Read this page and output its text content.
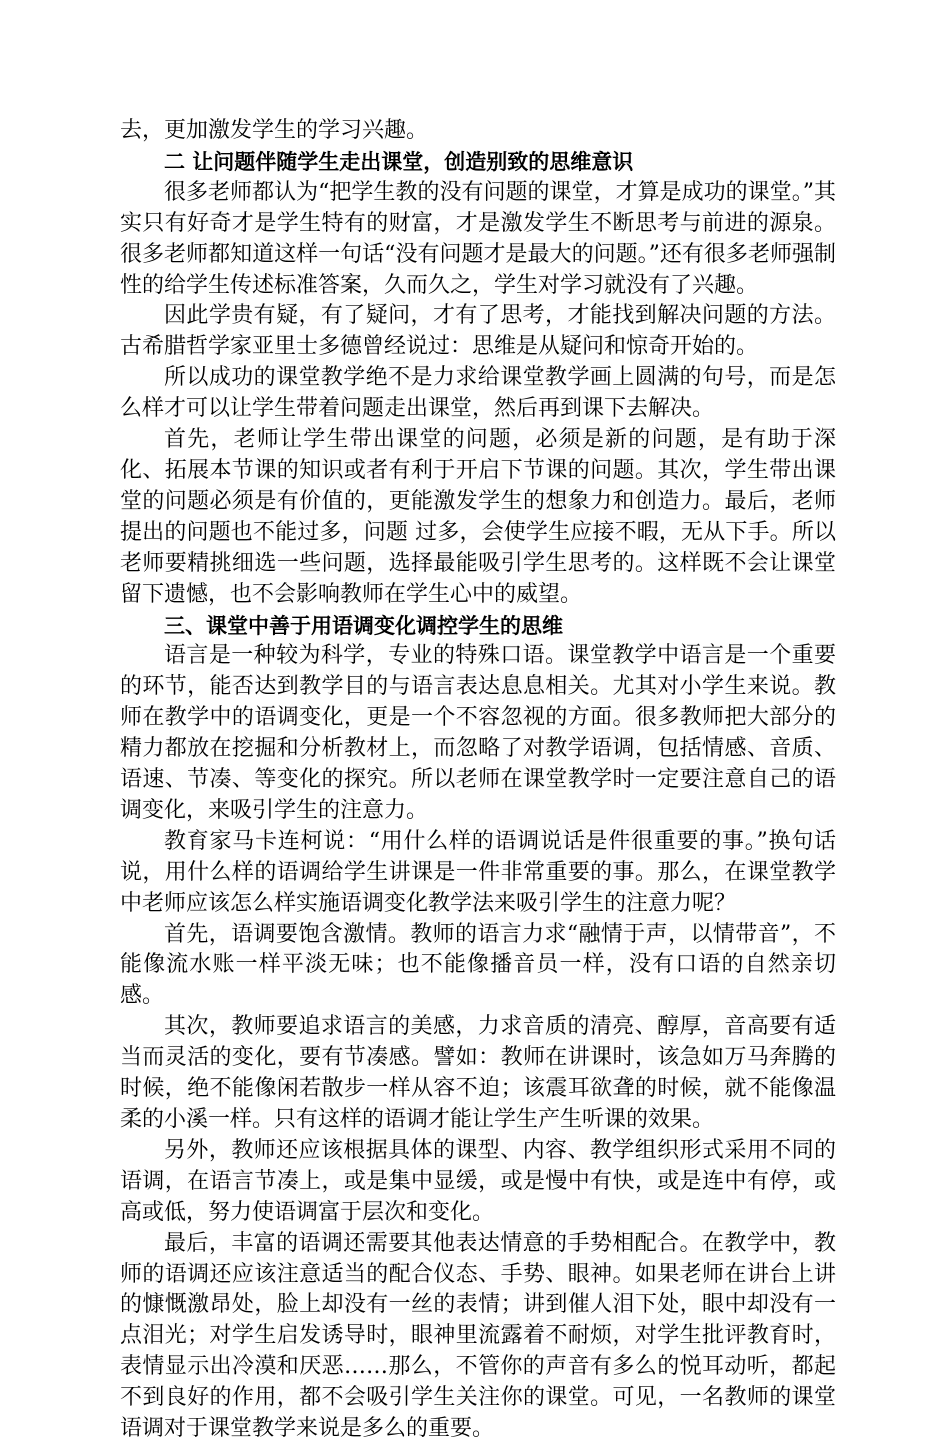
去，更加激发学生的学习兴趣。

二 让问题伴随学生走出课堂，创造别致的思维意识

很多老师都认为“把学生教的没有问题的课堂，才算是成功的课堂。”其实只有好奇才是学生特有的财富，才是激发学生不断思考与前进的源泉。很多老师都知道这样一句话“没有问题才是最大的问题。”还有很多老师强制性的给学生传述标准答案，久而久之，学生对学习就没有了兴趣。

因此学贵有疑，有了疑问，才有了思考，才能找到解决问题的方法。古希腊哲学家亚里士多德曾经说过：思维是从疑问和惊奇开始的。

所以成功的课堂教学绝不是力求给课堂教学画上圆满的句号，而是怎么样才可以让学生带着问题走出课堂，然后再到课下去解决。

首先，老师让学生带出课堂的问题，必须是新的问题，是有助于深化、拓展本节课的知识或者有利于开启下节课的问题。其次，学生带出课堂的问题必须是有价值的，更能激发学生的想象力和创造力。最后，老师提出的问题也不能过多，问题 过多，会使学生应接不暇，无从下手。所以老师要精挑细选一些问题，选择最能吸引学生思考的。这样既不会让课堂留下遗憾，也不会影响教师在学生心中的威望。

三、课堂中善于用语调变化调控学生的思维

语言是一种较为科学，专业的特殊口语。课堂教学中语言是一个重要的环节，能否达到教学目的与语言表达息息相关。尤其对小学生来说。教师在教学中的语调变化，更是一个不容忽视的方面。很多教师把大部分的精力都放在挖掘和分析教材上，而忽略了对教学语调，包括情感、音质、语速、节凑、等变化的探究。所以老师在课堂教学时一定要注意自己的语调变化，来吸引学生的注意力。

教育家马卡连柯说：“用什么样的语调说话是件很重要的事。”换句话说，用什么样的语调给学生讲课是一件非常重要的事。那么，在课堂教学中老师应该怎么样实施语调变化教学法来吸引学生的注意力呢？

首先，语调要饱含激情。教师的语言力求“融情于声，以情带音”，不能像流水账一样平淡无味；也不能像播音员一样，没有口语的自然亲切感。

其次，教师要追求语言的美感，力求音质的清亮、醇厚，音高要有适当而灵活的变化，要有节凑感。譬如：教师在讲课时，该急如万马奔腾的时候，绝不能像闲若散步一样从容不迫；该震耳欲聋的时候，就不能像温柔的小溪一样。只有这样的语调才能让学生产生听课的效果。

另外，教师还应该根据具体的课型、内容、教学组织形式采用不同的语调，在语言节凑上，或是集中显缓，或是慢中有快，或是连中有停，或高或低，努力使语调富于层次和变化。

最后，丰富的语调还需要其他表达情意的手势相配合。在教学中，教师的语调还应该注意适当的配合仪态、手势、眼神。如果老师在讲台上讲的慷慨激昂处，脸上却没有一丝的表情；讲到催人泪下处，眼中却没有一点泪光；对学生启发诱导时，眼神里流露着不耐烦，对学生批评教育时，表情显示出冷漠和厌恶……那么，不管你的声音有多么的悦耳动听，都起不到良好的作用，都不会吸引学生关注你的课堂。可见，一名教师的课堂语调对于课堂教学来说是多么的重要。
